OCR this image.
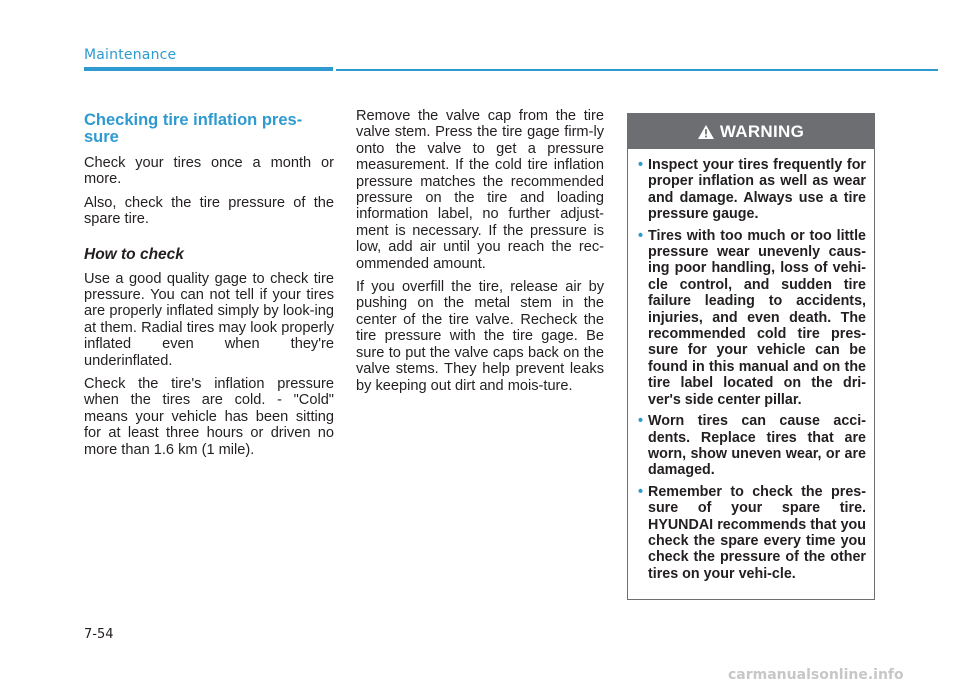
Maintenance
Checking tire inflation pres-
sure

Check your tires once a month or more.

Also, check the tire pressure of the spare tire.

How to check

Use a good quality gage to check tire pressure. You can not tell if your tires are properly inflated simply by look-ing at them. Radial tires may look properly inflated even when they're underinflated.

Check the tire's inflation pressure when the tires are cold. - "Cold" means your vehicle has been sitting for at least three hours or driven no more than 1.6 km (1 mile).

Remove the valve cap from the tire valve stem. Press the tire gage firm-ly onto the valve to get a pressure measurement. If the cold tire inflation pressure matches the recommended pressure on the tire and loading information label, no further adjust-ment is necessary. If the pressure is low, add air until you reach the rec-ommended amount.

If you overfill the tire, release air by pushing on the metal stem in the center of the tire valve. Recheck the tire pressure with the tire gage. Be sure to put the valve caps back on the valve stems. They help prevent leaks by keeping out dirt and mois-ture.

WARNING
• Inspect your tires frequently for proper inflation as well as wear and damage. Always use a tire pressure gauge.
• Tires with too much or too little pressure wear unevenly caus-ing poor handling, loss of vehi-cle control, and sudden tire failure leading to accidents, injuries, and even death. The recommended cold tire pres-sure for your vehicle can be found in this manual and on the tire label located on the dri-ver's side center pillar.
• Worn tires can cause acci-dents. Replace tires that are worn, show uneven wear, or are damaged.
• Remember to check the pres-sure of your spare tire. HYUNDAI recommends that you check the spare every time you check the pressure of the other tires on your vehi-cle.
7-54
carmanualsonline.info
